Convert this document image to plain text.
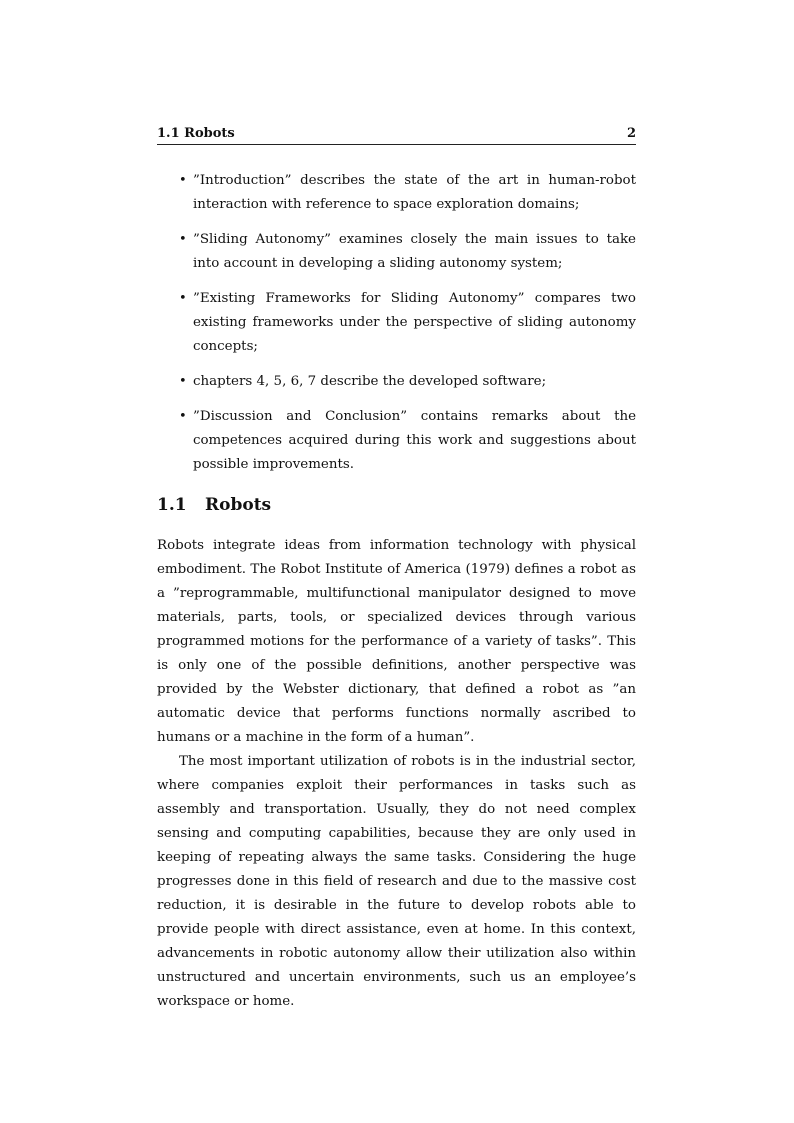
1.1 Robots	2
• ”Introduction” describes the state of the art in human-robot interaction with reference to space exploration domains;
• ”Sliding Autonomy” examines closely the main issues to take into account in developing a sliding autonomy system;
• ”Existing Frameworks for Sliding Autonomy” compares two existing frameworks under the perspective of sliding autonomy concepts;
• chapters 4, 5, 6, 7 describe the developed software;
• ”Discussion and Conclusion” contains remarks about the competences acquired during this work and suggestions about possible improvements.
1.1	Robots

Robots integrate ideas from information technology with physical embodiment. The Robot Institute of America (1979) defines a robot as a ”reprogrammable, multifunctional manipulator designed to move materials, parts, tools, or specialized devices through various programmed motions for the performance of a variety of tasks”. This is only one of the possible definitions, another perspective was provided by the Webster dictionary, that defined a robot as ”an automatic device that performs functions normally ascribed to humans or a machine in the form of a human”.

The most important utilization of robots is in the industrial sector, where companies exploit their performances in tasks such as assembly and transportation. Usually, they do not need complex sensing and computing capabilities, because they are only used in keeping of repeating always the same tasks. Considering the huge progresses done in this field of research and due to the massive cost reduction, it is desirable in the future to develop robots able to provide people with direct assistance, even at home. In this context, advancements in robotic autonomy allow their utilization also within unstructured and uncertain environments, such us an employee’s workspace or home.
